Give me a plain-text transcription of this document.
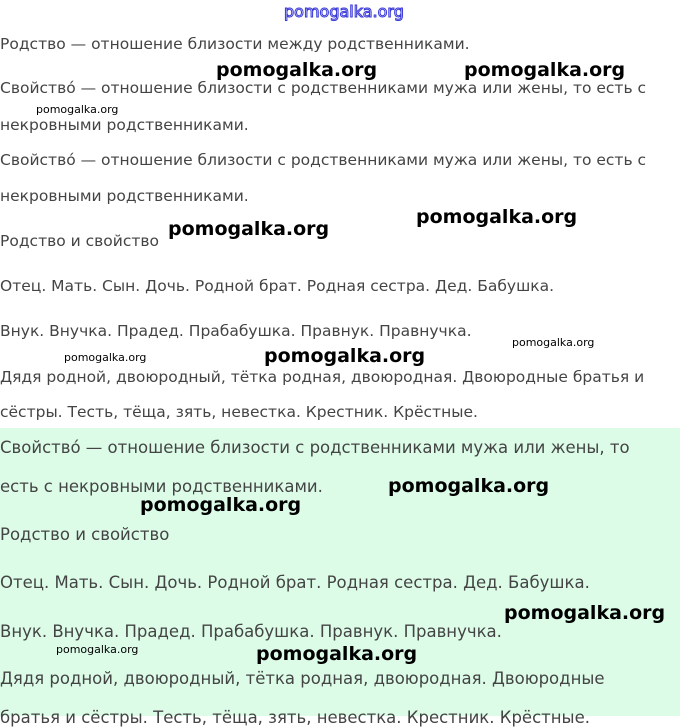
pomogalka.org
Родство — отношение близости между родственниками.
Свойство́ — отношение близости с родственниками мужа или жены, то есть с
некровными родственниками.
Свойство́ — отношение близости с родственниками мужа или жены, то есть с
некровными родственниками.
Родство и свойство
Отец. Мать. Сын. Дочь. Родной брат. Родная сестра. Дед. Бабушка.
Внук. Внучка. Прадед. Прабабушка. Правнук. Правнучка.
Дядя родной, двоюродный, тётка родная, двоюродная. Двоюродные братья и
сёстры. Тесть, тёща, зять, невестка. Крестник. Крёстные.
Свойство́ — отношение близости с родственниками мужа или жены, то
есть с некровными родственниками.
Родство и свойство
Отец. Мать. Сын. Дочь. Родной брат. Родная сестра. Дед. Бабушка.
Внук. Внучка. Прадед. Прабабушка. Правнук. Правнучка.
Дядя родной, двоюродный, тётка родная, двоюродная. Двоюродные
братья и сёстры. Тесть, тёща, зять, невестка. Крестник. Крёстные.
pomogalka.org	pomogalka.org
pomogalka.org
pomogalka.org
pomogalka.org
pomogalka.org
pomogalka.org	pomogalka.org
pomogalka.org
pomogalka.org
pomogalka.org
pomogalka.org	pomogalka.org
